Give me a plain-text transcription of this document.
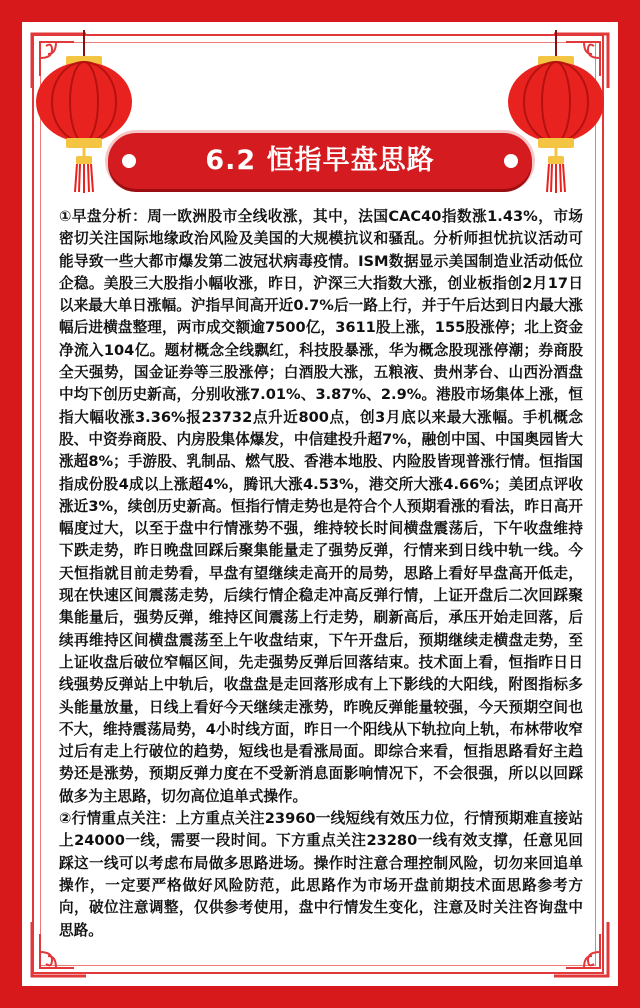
6.2 恒指早盘思路

①早盘分析：周一欧洲股市全线收涨，其中，法国CAC40指数涨1.43%，市场密切关注国际地缘政治风险及美国的大规模抗议和骚乱。分析师担忧抗议活动可能导致一些大都市爆发第二波冠状病毒疫情。ISM数据显示美国制造业活动低位企稳。美股三大股指小幅收涨，昨日，沪深三大指数大涨，创业板指创2月17日以来最大单日涨幅。沪指早间高开近0.7%后一路上行，并于午后达到日内最大涨幅后进横盘整理，两市成交额逾7500亿，3611股上涨，155股涨停；北上资金净流入104亿。题材概念全线飘红，科技股暴涨，华为概念股现涨停潮；券商股全天强势，国金证券等三股涨停；白酒股大涨，五粮液、贵州茅台、山西汾酒盘中均下创历史新高，分别收涨7.01%、3.87%、2.9%。港股市场集体上涨，恒指大幅收涨3.36%报23732点升近800点，创3月底以来最大涨幅。手机概念股、中资券商股、内房股集体爆发，中信建投升超7%，融创中国、中国奥园皆大涨超8%；手游股、乳制品、燃气股、香港本地股、内险股皆现普涨行情。恒指国指成份股4成以上涨超4%，腾讯大涨4.53%，港交所大涨4.66%；美团点评收涨近3%，续创历史新高。恒指行情走势也是符合个人预期看涨的看法，昨日高开幅度过大，以至于盘中行情涨势不强，维持较长时间横盘震荡后，下午收盘维持下跌走势，昨日晚盘回踩后聚集能量走了强势反弹，行情来到日线中轨一线。今天恒指就目前走势看，早盘有望继续走高开的局势，思路上看好早盘高开低走，现在快速区间震荡走势，后续行情企稳走冲高反弹行情，上证开盘后二次回踩聚集能量后，强势反弹，维持区间震荡上行走势，刷新高后，承压开始走回落，后续再维持区间横盘震荡至上午收盘结束，下午开盘后，预期继续走横盘走势，至上证收盘后破位窄幅区间，先走强势反弹后回落结束。技术面上看，恒指昨日日线强势反弹站上中轨后，收盘盘是走回落形成有上下影线的大阳线，附图指标多头能量放量，日线上看好今天继续走涨势，昨晚反弹能量较强，今天预期空间也不大，维持震荡局势，4小时线方面，昨日一个阳线从下轨拉向上轨，布林带收窄过后有走上行破位的趋势，短线也是看涨局面。即综合来看，恒指思路看好主趋势还是涨势，预期反弹力度在不受新消息面影响情况下，不会很强，所以以回踩做多为主思路，切勿高位追单式操作。

②行情重点关注：上方重点关注23960一线短线有效压力位，行情预期难直接站上24000一线，需要一段时间。下方重点关注23280一线有效支撑，任意见回踩这一线可以考虑布局做多思路进场。操作时注意合理控制风险，切勿来回追单操作，一定要严格做好风险防范，此思路作为市场开盘前期技术面思路参考方向，破位注意调整，仅供参考使用，盘中行情发生变化，注意及时关注咨询盘中思路。
